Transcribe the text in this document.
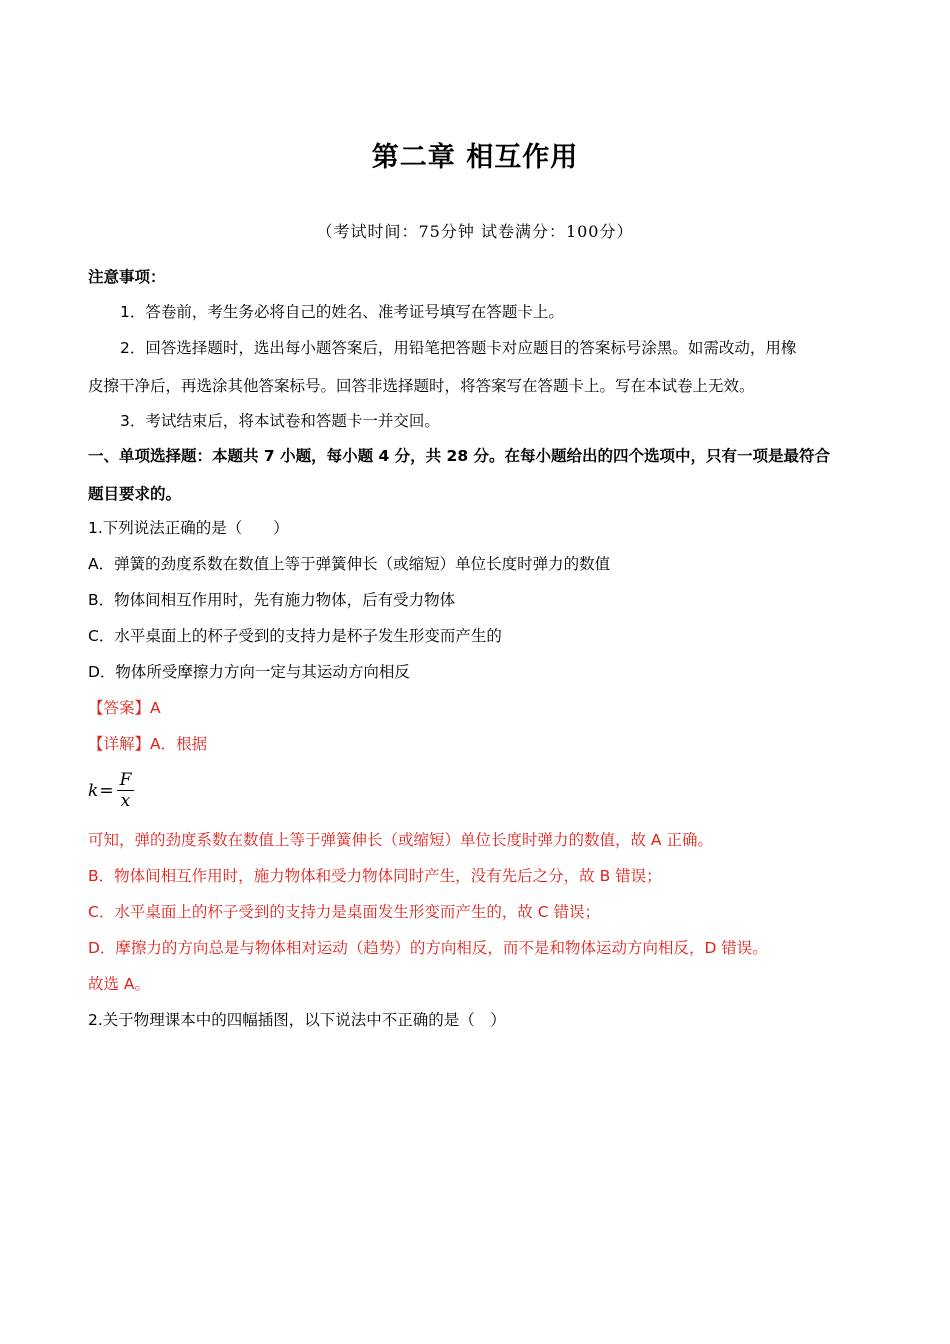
第二章 相互作用
（考试时间：75分钟 试卷满分：100分）
注意事项：
1．答卷前，考生务必将自己的姓名、准考证号填写在答题卡上。
2．回答选择题时，选出每小题答案后，用铅笔把答题卡对应题目的答案标号涂黑。如需改动，用橡
皮擦干净后，再选涂其他答案标号。回答非选择题时，将答案写在答题卡上。写在本试卷上无效。
3．考试结束后，将本试卷和答题卡一并交回。
一、单项选择题：本题共 7 小题，每小题 4 分，共 28 分。在每小题给出的四个选项中，只有一项是最符合
题目要求的。
1.下列说法正确的是（　　）
A．弹簧的劲度系数在数值上等于弹簧伸长（或缩短）单位长度时弹力的数值
B．物体间相互作用时，先有施力物体，后有受力物体
C．水平桌面上的杯子受到的支持力是杯子发生形变而产生的
D．物体所受摩擦力方向一定与其运动方向相反
【答案】A
【详解】A．根据
$k = \frac{F}{x}$
可知，弹的劲度系数在数值上等于弹簧伸长（或缩短）单位长度时弹力的数值，故 A 正确。
B．物体间相互作用时，施力物体和受力物体同时产生，没有先后之分，故 B 错误；
C．水平桌面上的杯子受到的支持力是桌面发生形变而产生的，故 C 错误；
D．摩擦力的方向总是与物体相对运动（趋势）的方向相反，而不是和物体运动方向相反，D 错误。
故选 A。
2.关于物理课本中的四幅插图，以下说法中不正确的是（　）
